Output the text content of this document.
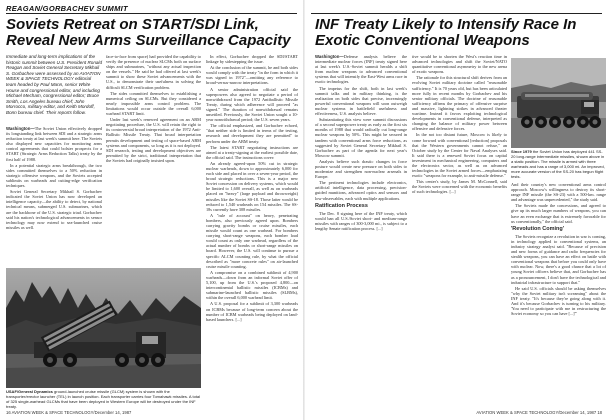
REAGAN/GORBACHEV SUMMIT
Soviets Retreat on START/SDI Link, Reveal New Arms Surveillance Capacity
Immediate and long-term implications of the historic summit between U.S. President Ronald Reagan and Soviet General Secretary Mikhail S. Gorbachev were assessed by an AVIATION WEEK & SPACE TECHNOLOGY editorial team headed by Paul Mann, senior White House and congressional editor, and including Michael Mecham, congressional editor; Bruce Smith, Los Angeles bureau chief; John Morrocco, military editor, and Keith Mordoff, Bonn bureau chief. Their reports follow.

Washington—The Soviet Union effectively dropped its longstanding link between SDI and a strategic arms reduction treaty at last week's summit here. The Soviets also displayed new capacities for monitoring arms control agreements that could bolster prospects for a START (Strategic Arms Reduction Talks) treaty by the first half of 1988.

In a potential strategic arms breakthrough, the two sides committed themselves to a 50% reduction in strategic offensive weapons, and the Soviets accepted sublimits on warheads and cutting-edge verification techniques.

Soviet General Secretary Mikhail S. Gorbachev indicated the Soviet Union has now developed an intelligence capacity—the ability to detect, by national technical means, submerged U.S. submarines, which are the backbone of the U.S. strategic triad. Gorbachev said his nation's technological advancements in sensor technology may now extend to sea-launched cruise missiles as well.

face-to-face from space) had provided the capability to verify the presence of nuclear SLCMs both on surface ships and submarines, "without any actual inspection on the vessels." He said he had offered at last week's summit to show these Soviet advancements with the U.S., to demonstrate their usefulness in solving the difficult SLCM verification problem.

The sides committed themselves to establishing a numerical ceiling on SLCMs. But they considered a nearly impossible arms control problem. The limitations would occur outside the overall 6,000 warhead START limit.

Under last week's renewed agreement on an ABM negotiating procedure, the U.S. will retain the right to its controversial broad interpretation of the 1972 Anti-Ballistic Missile Treaty. That broad interpretation permits development and testing of space-based ABM systems and components, so long as it is not deployed. SDI research, testing and development objectives are permitted by the strict, traditional interpretation that the Soviets had originally insisted upon.

In effect, Gorbachev dropped the SDI/START linkage by sidestepping the issue.

At the conclusion of the summit, he and both sides would comply with the treaty "in the form in which it was signed in 1972"—omitting any reference to broad-versus-narrow interpretations.

A senior administration official said the superpowers also agreed to negotiate a period of nonwithdrawal from the 1972 Antiballistic Missile Treaty, during which adherence will proceed "as signed." The duration of nonwithdrawal remains unsettled. Previously, the Soviet Union sought a 10-year nonwithdrawal period; the U.S. seven years.

The official emphasized, and Gorbachev echoed, "that neither side is limited in terms of the testing, research and development they are permitted" to perform under the ABM treaty.

The latest START negotiating instructions are aimed at a treaty-signing at the earliest possible date, the official said. The instructions cover:

An already agreed-upon 50% cut in strategic nuclear warheads, down to approximately 6,000 for each side and placed in over a seven-year period, the broad strategic reductions. This is a major new Soviet concession on delivery systems, which would be limited to 1,600 overall, as well as on warheads placed on "heavy" (large payload and throwweight) missiles like the Soviet SS-18. Those latter would be reduced to 1,540 warheads on 154 missiles. The SS-18s currently have 308 missiles.

A "rule of account" on heavy, penetrating bombers, also previously agreed upon. Bombers carrying gravity bombs or cruise missiles, each missile would count as one warhead. For bombers carrying short-range weapons, each bomber load would count as only one warhead, regardless of the actual number of bombs or short-range missiles on board. However, the U.S. will continue to pursue a specific ALCM counting rule, by what the official described as "more concrete rules" on air-launched cruise missile counting.

A compromise on a combined sublimit of 4,900 warheads—down from an informal Soviet offer of 5,100, up from the U.S.'s proposed 4,800—on intercontinental ballistic missiles (ICBMs) and submarine-launched ballistic missiles (SLBMs), within the overall 6,000 warhead limit.

A U.S. proposal for a sublimit of 3,300 warheads on ICBMs because of long-term concern about the number of ICBM warheads being deployed on land-based launchers. [...]

USAF/General Dynamics ground-launched cruise missile (GLCM) system is shown with the transporter/erector launcher (TEL) in launch position. Each transporter carries four Tomahawk missiles. A total of 325 single-warhead GLCMs that have been deployed in Western Europe will be destroyed under the INF treaty.
16 AVIATION WEEK & SPACE TECHNOLOGY/December 14, 1987
INF Treaty Likely to Intensify Race In Exotic Conventional Weapons

Washington—Defense analysts believe the intermediate nuclear forces (INF) treaty signed here at last week's U.S.-Soviet summit heralds a shift from nuclear weapons to advanced conventional systems that will intensify the East-West arms race in exotic technologies.

The impetus for the shift, both in last week's summit talks and in military thinking, is the realization on both sides that precise, increasingly powerful conventional weapons will soon outweigh nuclear systems in battlefield usefulness and effectiveness, U.S. analysts believe.

Substantiating this view were summit discussions of a second superpower treaty as early as the first six months of 1988 that would radically cut long-range nuclear weapons by 50%. This might be secured in tandem with conventional arms force reductions, as suggested by Soviet General Secretary Mikhail S. Gorbachev as part of the agenda for next year's Moscow summit.

Analysts believe such drastic changes in force posture would create new pressure on both sides to modernize and strengthen non-nuclear arsenals in Europe.

The pertinent technologies include electronics, artificial intelligence, data processing, precision-guided munitions, advanced optics and sensors and low-observables, each with multiple applications.

Ratification Process

The Dec. 8 signing here of the INF treaty, which would ban all U.S./Soviet short- and medium-range missiles with ranges of 300-3,000 mi., is subject to a lengthy Senate ratification process. [...]

tive would be to shorten the West's reaction time in advanced technologies and shift the Soviet/NATO quantitative conventional asymmetry to the new arena of exotic weapons.

The rationale for this structural shift derives from an evolving Soviet military doctrine called "reasonable sufficiency." It is 70 years old, but has been articulated more fully in recent months by Gorbachev and his senior military officials. The doctrine of reasonable sufficiency affirms the primacy of offensive surprise and massive, lightning strikes in advanced theater wartime. Instead it favors exploiting technological developments in conventional defense, interpreted as changing the balance of military power between offensive and defensive forces.

In the not too distant future, Moscow is likely to come forward with conventional [reduction] proposals that the Western governments cannot refuse," an October study by the Center for Naval Analyses said. It said there is a renewed Soviet focus on capital investment in mechanical engineering, computers and the electronics sector, as well as on advanced technologies in the Soviet armed forces—emphasizing exotic "weapons for example, to anti-missile defense."

This center's study, by James M. McConnell, said the Soviets were concerned with the economic benefits of such technologies. [...]

Since 1979 the Soviet Union has deployed 441 SS-20 long-range intermediate missiles, shown above in a static position. The missile is armed with three warheads and has a range of 3,000 mi. An improved, more accurate version of the SS-20 has begun flight tests.

And their country's new conventional arms control approach. Moscow's willingness to destroy its short-range INF missile (the SS-23) with a 500-km. range and advantage was unprecedented," the study said.

The Soviets made the concessions, and agreed to give up its much larger numbers of weapons, you can have an even exchange that is extremely favorable for us conventionally," the official said.

'Revolution Coming'

The Soviets recognize a revolution in war is coming, in technology applied to conventional systems, an industry strategy analyst said. "Because of precision and new forms of guidance and radio frequencies for stealth weapons, you can have an effect on battle with conventional weapons that before you could only have with nuclear. Now, there's a good chance that a lot of young Soviet officers believe that, and Gorbachev has as a pronouncement, I don't have the technological and industrial infrastructure to support that."

He said U.S. officials should be asking themselves "why the Soviet military isn't screaming" about the INF treaty. "It's because they're going along with it. And it's because Gorbachev is turning to his military. 'You need to participate with me in restructuring the Soviet economy so you can have [...]'"

AVIATION WEEK & SPACE TECHNOLOGY/December 14, 1987 18
